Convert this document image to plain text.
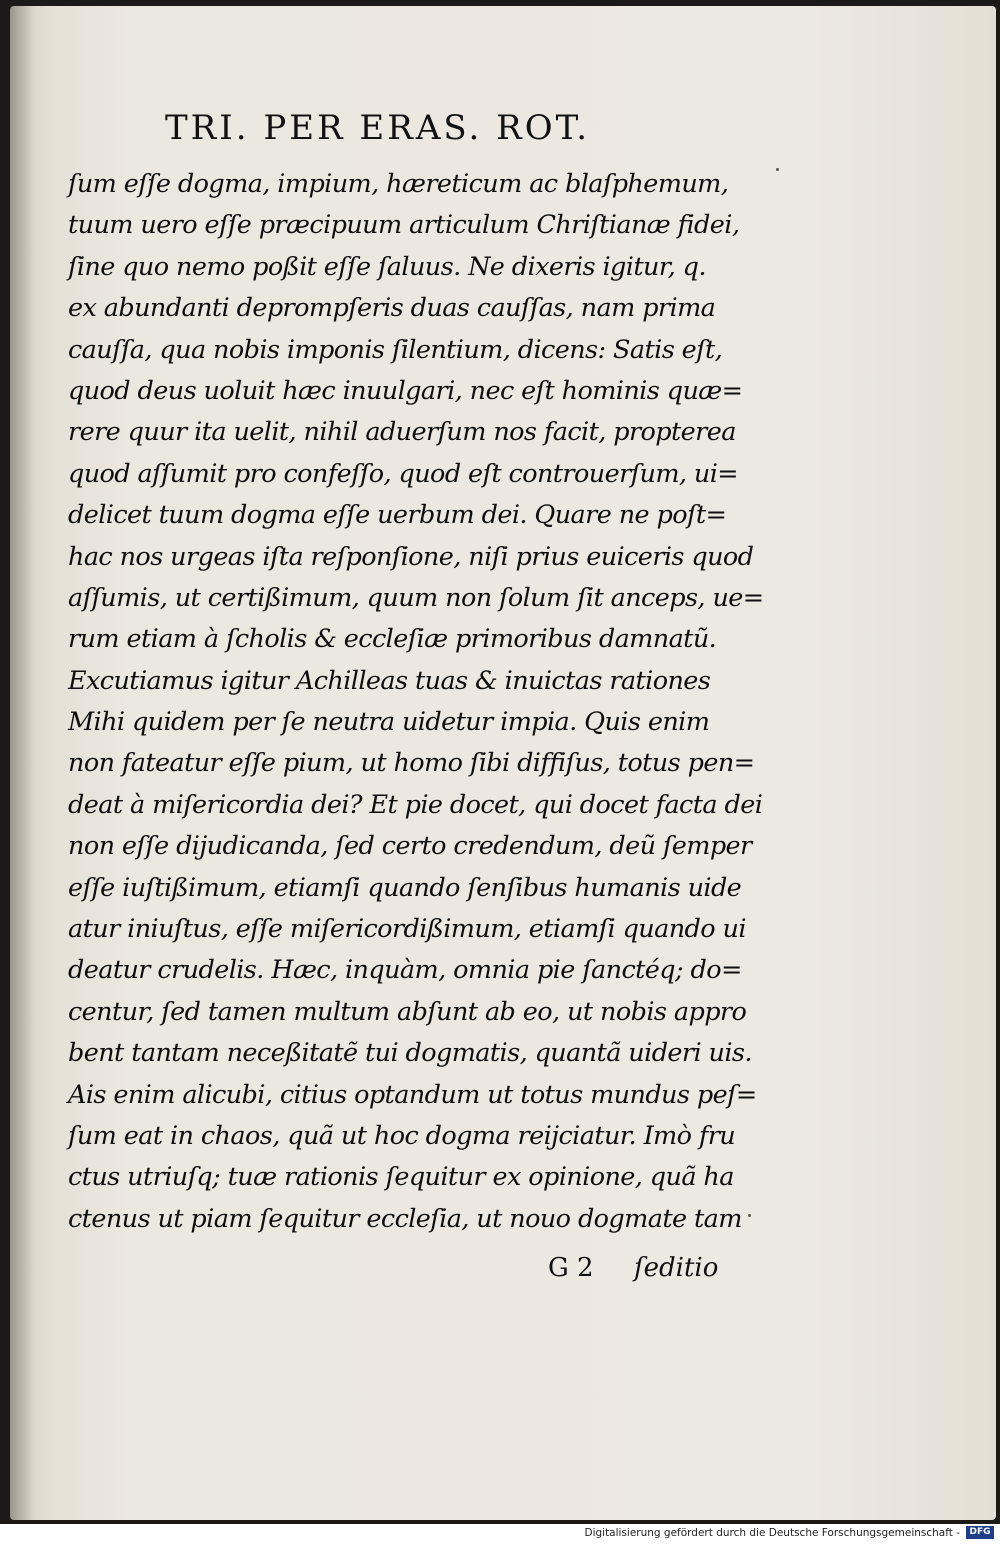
TRI. PER ERAS. ROT.
ſum eſſe dogma, impium, hæreticum ac blaſphemum,
tuum uero eſſe præcipuum articulum Chriſtianæ fidei,
ſine quo nemo poßit eſſe ſaluus. Ne dixeris igitur, q.
ex abundanti deprompſeris duas cauſſas, nam prima
cauſſa, qua nobis imponis ſilentium, dicens: Satis eſt,
quod deus uoluit hæc inuulgari, nec eſt hominis quæ=
rere quur ita uelit, nihil aduerſum nos facit, propterea
quod aſſumit pro confeſſo, quod eſt controuerſum, ui=
delicet tuum dogma eſſe uerbum dei. Quare ne poſt=
hac nos urgeas iſta reſponſione, niſi prius euiceris quod
aſſumis, ut certißimum, quum non ſolum ſit anceps, ue=
rum etiam à ſcholis & eccleſiæ primoribus damnatũ.
Excutiamus igitur Achilleas tuas & inuictas rationes
Mihi quidem per ſe neutra uidetur impia. Quis enim
non fateatur eſſe pium, ut homo ſibi diffiſus, totus pen=
deat à miſericordia dei? Et pie docet, qui docet facta dei
non eſſe dijudicanda, ſed certo credendum, deũ ſemper
eſſe iuſtißimum, etiamſi quando ſenſibus humanis uide
atur iniuſtus, eſſe miſericordißimum, etiamſi quando ui
deatur crudelis. Hæc, inquàm, omnia pie ſanctéq; do=
centur, ſed tamen multum abſunt ab eo, ut nobis appro
bent tantam neceßitatẽ tui dogmatis, quantã uideri uis.
Ais enim alicubi, citius optandum ut totus mundus peſ=
ſum eat in chaos, quã ut hoc dogma reijciatur. Imò fru
ctus utriuſq; tuæ rationis ſequitur ex opinione, quã ha
ctenus ut piam ſequitur eccleſia, ut nouo dogmate tam
G 2 ſeditio
Digitalisierung gefördert durch die Deutsche Forschungsgemeinschaft -	DFG
